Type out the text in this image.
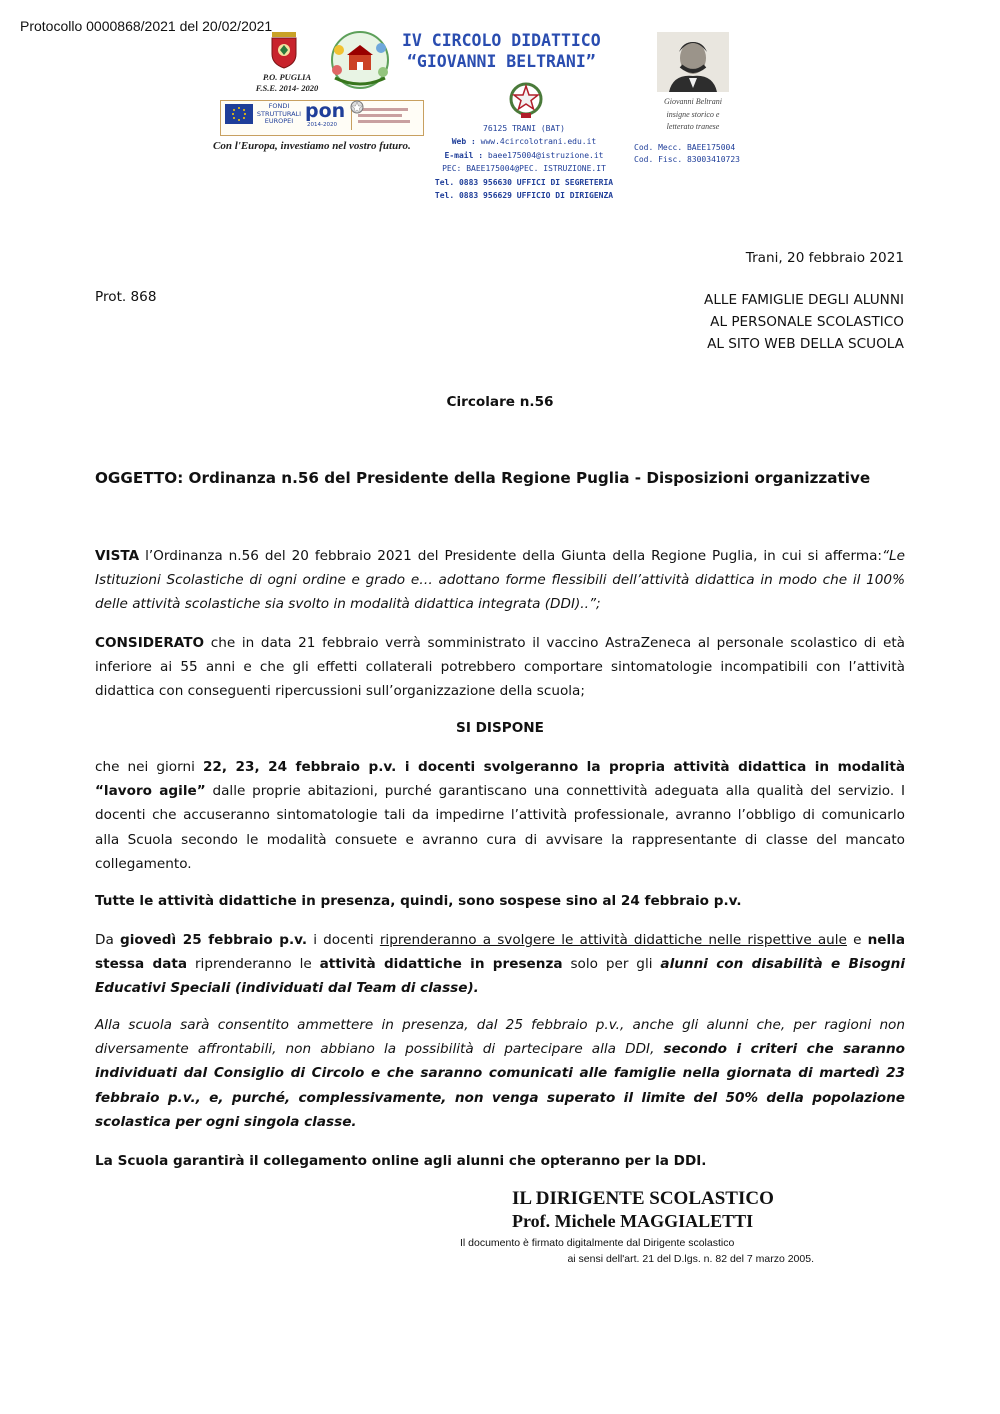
Protocollo 0000868/2021 del 20/02/2021
P.O. PUGLIA
F.S.E. 2014- 2020
IV CIRCOLO DIDATTICO
“GIOVANNI BELTRANI”
FONDI STRUTTURALI EUROPEI pon
2014-2020
Con l'Europa, investiamo nel vostro futuro.
76125 TRANI (BAT)
Web : www.4circolotrani.edu.it
E-mail : baee175004@istruzione.it
PEC: BAEE175004@PEC. ISTRUZIONE.IT
Tel. 0883 956630 UFFICI DI SEGRETERIA
Tel. 0883 956629 UFFICIO DI DIRIGENZA
Giovanni Beltrani
insigne storico e
letterato tranese
Cod. Mecc. BAEE175004
Cod. Fisc. 83003410723
Trani, 20 febbraio 2021
Prot. 868	ALLE FAMIGLIE DEGLI ALUNNI
AL PERSONALE SCOLASTICO
AL SITO WEB DELLA SCUOLA
Circolare n.56
OGGETTO: Ordinanza n.56 del Presidente della Regione Puglia - Disposizioni organizzative
VISTA l’Ordinanza n.56 del 20 febbraio 2021 del Presidente della Giunta della Regione Puglia, in cui si afferma:“Le Istituzioni Scolastiche di ogni ordine e grado e… adottano forme flessibili dell’attività didattica in modo che il 100% delle attività scolastiche sia svolto in modalità didattica integrata (DDI)..”;
CONSIDERATO che in data 21 febbraio verrà somministrato il vaccino AstraZeneca al personale scolastico di età inferiore ai 55 anni e che gli effetti collaterali potrebbero comportare sintomatologie incompatibili con l’attività didattica con conseguenti ripercussioni sull’organizzazione della scuola;
SI DISPONE
che nei giorni 22, 23, 24 febbraio p.v. i docenti svolgeranno la propria attività didattica in modalità “lavoro agile” dalle proprie abitazioni, purché garantiscano una connettività adeguata alla qualità del servizio. I docenti che accuseranno sintomatologie tali da impedirne l’attività professionale, avranno l’obbligo di comunicarlo alla Scuola secondo le modalità consuete e avranno cura di avvisare la rappresentante di classe del mancato collegamento.
Tutte le attività didattiche in presenza, quindi, sono sospese sino al 24 febbraio p.v.
Da giovedì 25 febbraio p.v. i docenti riprenderanno a svolgere le attività didattiche nelle rispettive aule e nella stessa data riprenderanno le attività didattiche in presenza solo per gli alunni con disabilità e Bisogni Educativi Speciali (individuati dal Team di classe).
Alla scuola sarà consentito ammettere in presenza, dal 25 febbraio p.v., anche gli alunni che, per ragioni non diversamente affrontabili, non abbiano la possibilità di partecipare alla DDI, secondo i criteri che saranno individuati dal Consiglio di Circolo e che saranno comunicati alle famiglie nella giornata di martedì 23 febbraio p.v., e, purché, complessivamente, non venga superato il limite del 50% della popolazione scolastica per ogni singola classe.
La Scuola garantirà il collegamento online agli alunni che opteranno per la DDI.
IL DIRIGENTE SCOLASTICO
Prof. Michele MAGGIALETTI
Il documento è firmato digitalmente dal Dirigente scolastico
ai sensi dell'art. 21 del D.lgs. n. 82 del 7 marzo 2005.
